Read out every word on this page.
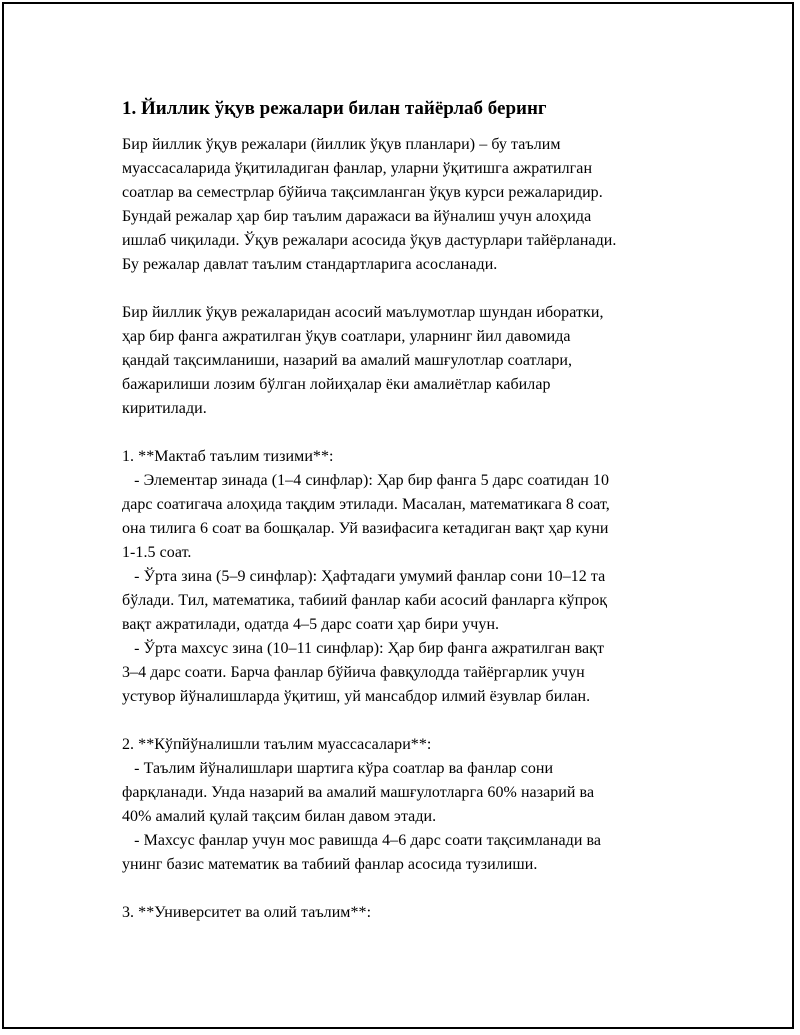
1. Йиллик ўқув режалари билан тайёрлаб беринг

Бир йиллик ўқув режалари (йиллик ўқув планлари) – бу таълим
муассасаларида ўқитиладиган фанлар, уларни ўқитишга ажратилган
соатлар ва семестрлар бўйича тақсимланган ўқув курси режаларидир.
Бундай режалар ҳар бир таълим даражаси ва йўналиш учун алоҳида
ишлаб чиқилади. Ўқув режалари асосида ўқув дастурлари тайёрланади.
Бу режалар давлат таълим стандартларига асосланади.

Бир йиллик ўқув режаларидан асосий маълумотлар шундан иборатки,
ҳар бир фанга ажратилган ўқув соатлари, уларнинг йил давомида
қандай тақсимланиши, назарий ва амалий машғулотлар соатлари,
бажарилиши лозим бўлган лойиҳалар ёки амалиётлар кабилар
киритилади.

1. **Мактаб таълим тизими**:

- Элементар зинада (1–4 синфлар): Ҳар бир фанга 5 дарс соатидан 10
дарс соатигача алоҳида тақдим этилади. Масалан, математикага 8 соат,
она тилига 6 соат ва бошқалар. Уй вазифасига кетадиган вақт ҳар куни
1-1.5 соат.

- Ўрта зина (5–9 синфлар): Ҳафтадаги умумий фанлар сони 10–12 та
бўлади. Тил, математика, табиий фанлар каби асосий фанларга кўпроқ
вақт ажратилади, одатда 4–5 дарс соати ҳар бири учун.

- Ўрта махсус зина (10–11 синфлар): Ҳар бир фанга ажратилган вақт
3–4 дарс соати. Барча фанлар бўйича фавқулодда тайёргарлик учун
устувор йўналишларда ўқитиш, уй мансабдор илмий ёзувлар билан.

2. **Кўпйўналишли таълим муассасалари**:

- Таълим йўналишлари шартига кўра соатлар ва фанлар сони
фарқланади. Унда назарий ва амалий машғулотларга 60% назарий ва
40% амалий қулай тақсим билан давом этади.

- Махсус фанлар учун мос равишда 4–6 дарс соати тақсимланади ва
унинг базис математик ва табиий фанлар асосида тузилиши.

3. **Университет ва олий таълим**:
